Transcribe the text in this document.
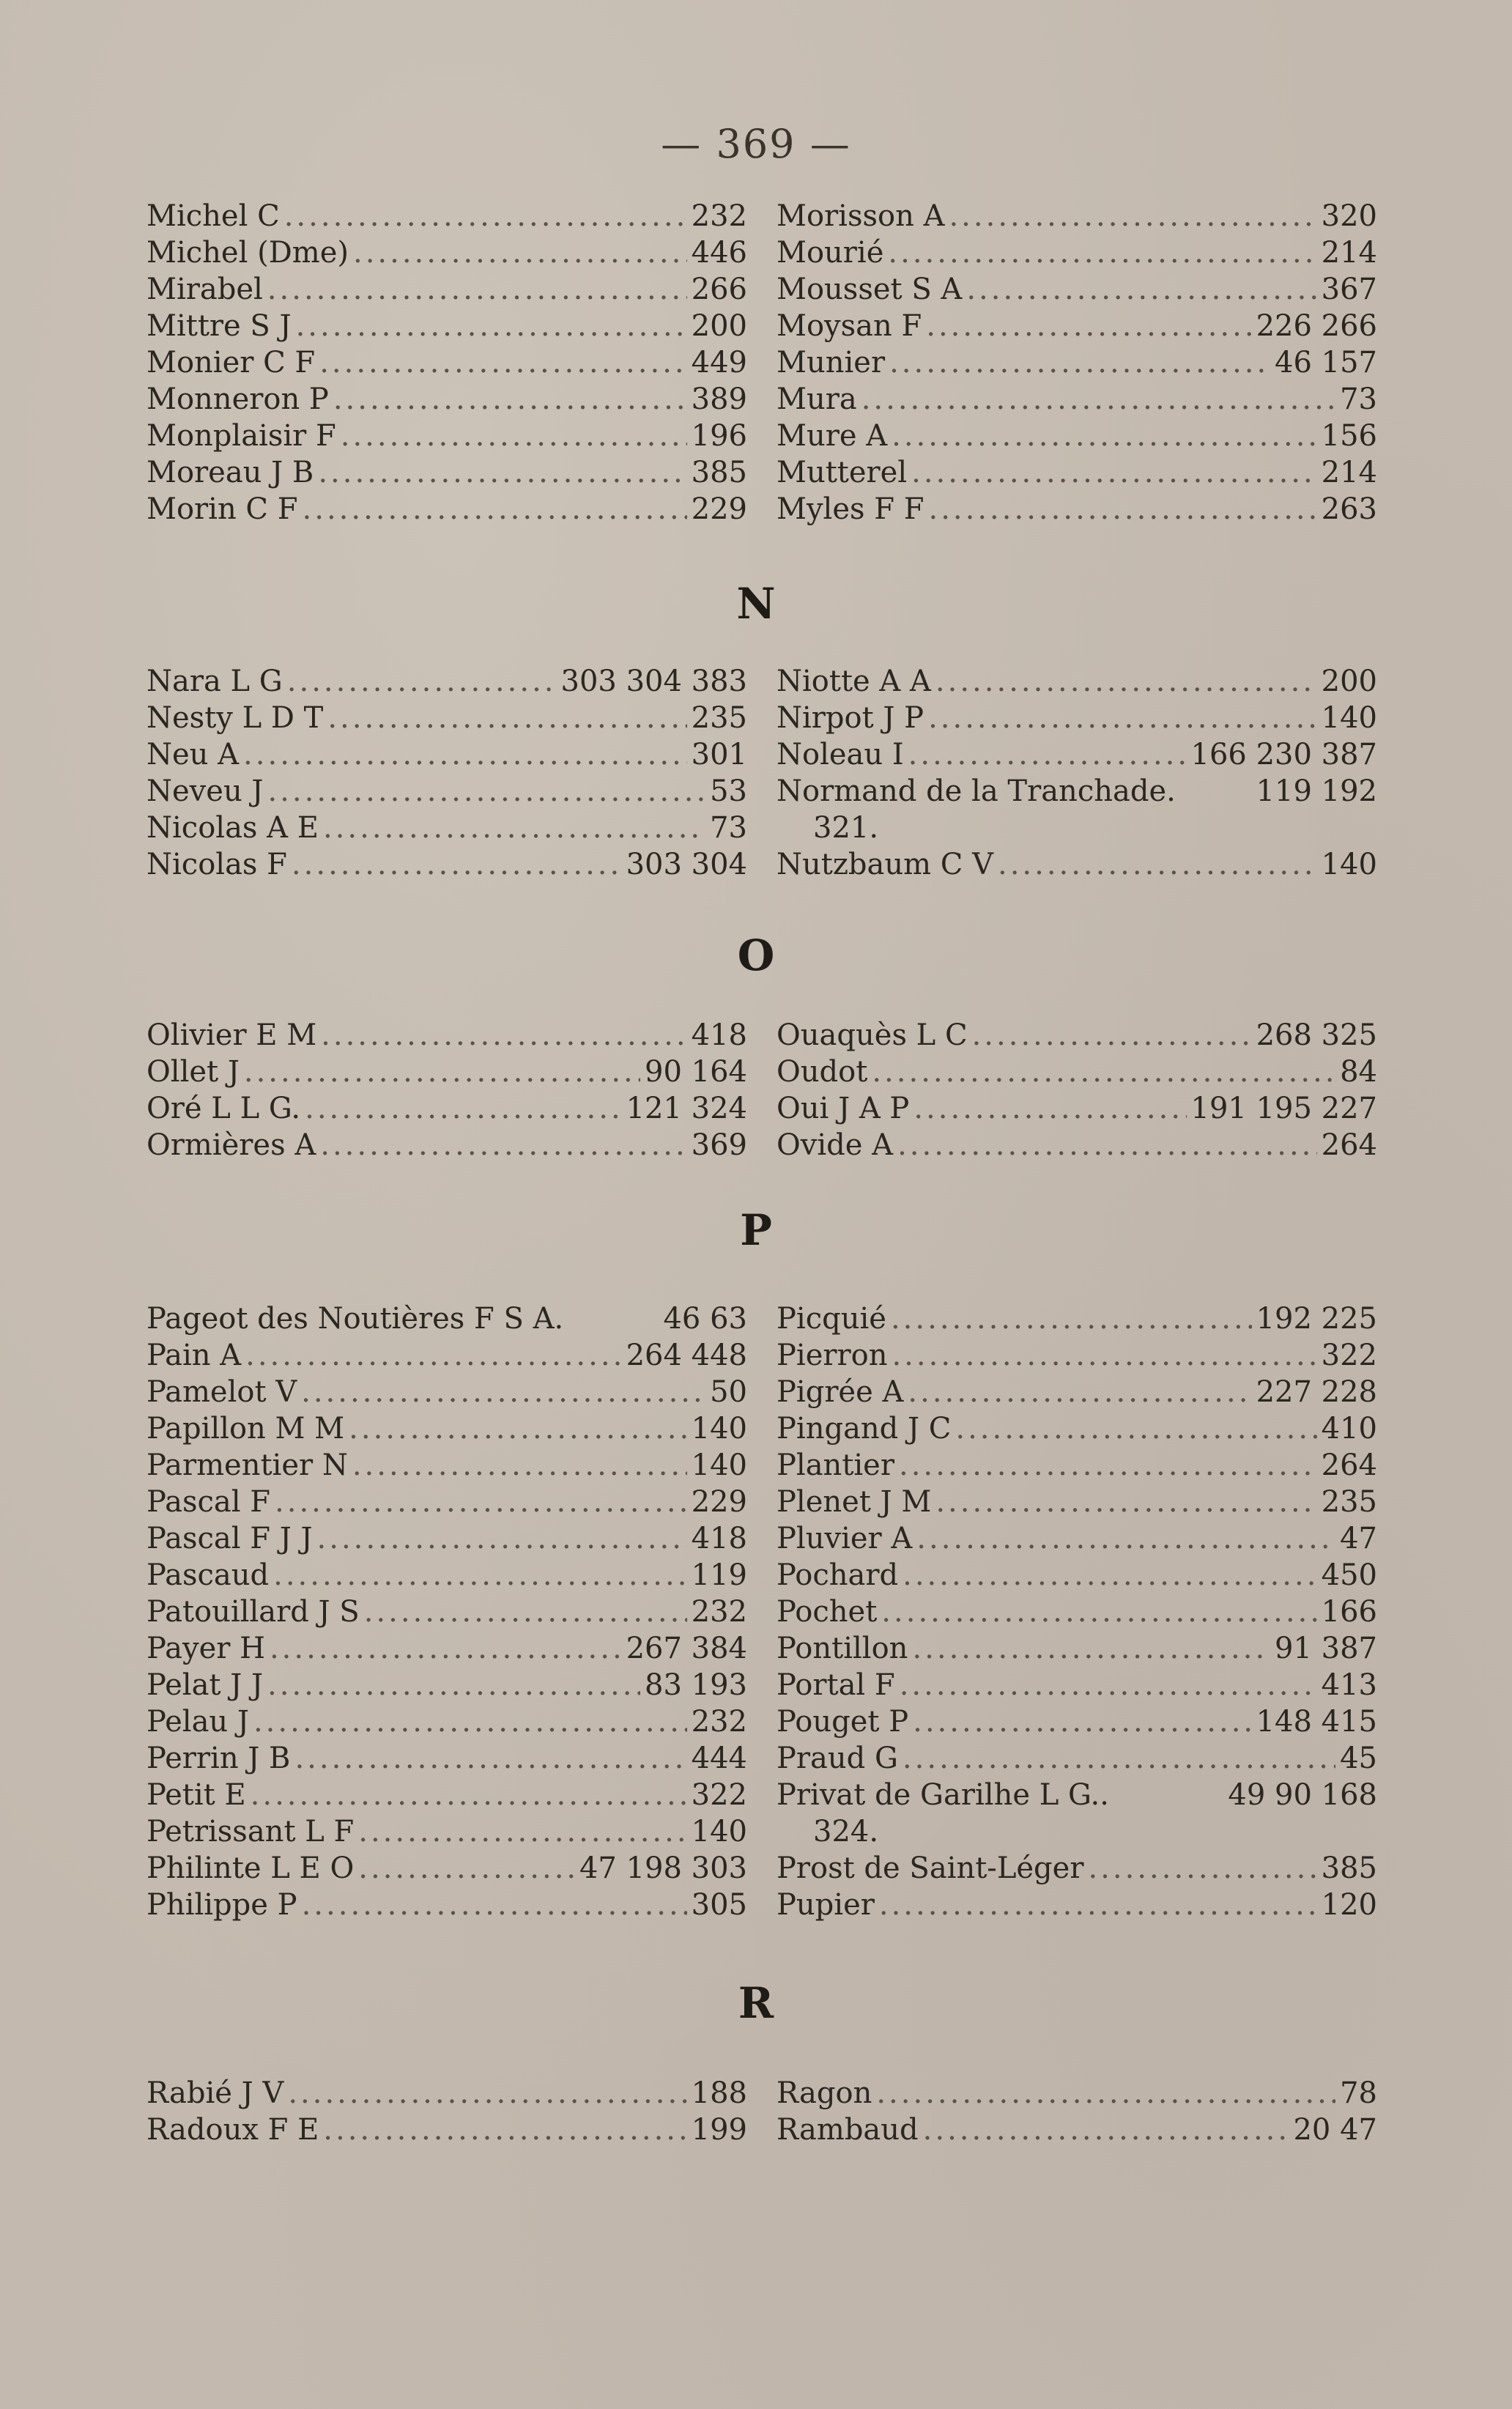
— 369 —
Michel C .....	232
Michel (Dme) .....	446
Mirabel .....	266
Mittre S J .....	200
Monier C F .....	449
Monneron P .....	389
Monplaisir F .....	196
Moreau J B .....	385
Morin C F .....	229
Morisson A .....	320
Mourié .....	214
Mousset S A .....	367
Moysan F .....	226 266
Munier .....	46 157
Mura .....	73
Mure A .....	156
Mutterel .....	214
Myles F F .....	263
N
Nara L G .....	303 304 383
Nesty L D T .....	235
Neu A .....	301
Neveu J .....	53
Nicolas A E .....	73
Nicolas F .....	303 304
Niotte A A .....	200
Nirpot J P .....	140
Noleau I .....	166 230 387
Normand de la Tranchade.	119 192
321.
Nutzbaum C V .....	140
O
Olivier E M .....	418
Ollet J .....	90 164
Oré L L G. .....	121 324
Ormières A .....	369
Ouaquès L C .....	268 325
Oudot .....	84
Oui J A P .....	191 195 227
Ovide A .....	264
P
Pageot des Noutières F S A.	46 63
Pain A .....	264 448
Pamelot V .....	50
Papillon M M .....	140
Parmentier N .....	140
Pascal F .....	229
Pascal F J J .....	418
Pascaud .....	119
Patouillard J S .....	232
Payer H .....	267 384
Pelat J J .....	83 193
Pelau J .....	232
Perrin J B .....	444
Petit E .....	322
Petrissant L F .....	140
Philinte L E O .....	47 198 303
Philippe P .....	305
Picquié .....	192 225
Pierron .....	322
Pigrée A .....	227 228
Pingand J C .....	410
Plantier .....	264
Plenet J M .....	235
Pluvier A .....	47
Pochard .....	450
Pochet .....	166
Pontillon .....	91 387
Portal F .....	413
Pouget P .....	148 415
Praud G .....	45
Privat de Garilhe L G..	49 90 168
324.
Prost de Saint-Léger .....	385
Pupier .....	120
R
Rabié J V .....	188
Radoux F E .....	199
Ragon .....	78
Rambaud .....	20 47
